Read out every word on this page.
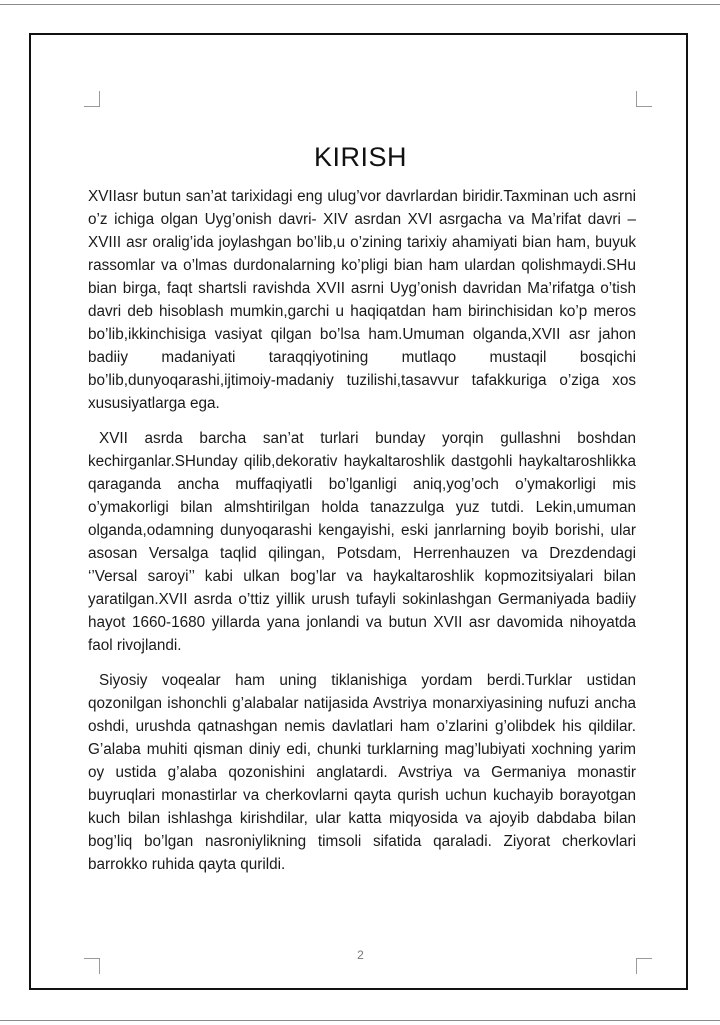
KIRISH

XVIIasr butun san’at tarixidagi eng ulug’vor davrlardan biridir.Taxminan uch asrni o’z ichiga olgan Uyg’onish davri- XIV asrdan XVI asrgacha va Ma’rifat davri – XVIII asr oralig’ida joylashgan bo’lib,u o’zining tarixiy ahamiyati bian ham, buyuk rassomlar va o’lmas durdonalarning ko’pligi bian ham ulardan qolishmaydi.SHu bian birga, faqt shartsli ravishda XVII asrni Uyg’onish davridan Ma’rifatga o’tish davri deb hisoblash mumkin,garchi u haqiqatdan ham birinchisidan ko’p meros bo’lib,ikkinchisiga vasiyat qilgan bo’lsa ham.Umuman olganda,XVII asr jahon badiiy madaniyati taraqqiyotining mutlaqo mustaqil bosqichi bo’lib,dunyoqarashi,ijtimoiy-madaniy tuzilishi,tasavvur tafakkuriga o’ziga xos xususiyatlarga ega.

XVII asrda barcha san’at turlari bunday yorqin gullashni boshdan kechirganlar.SHunday qilib,dekorativ haykaltaroshlik dastgohli haykaltaroshlikka qaraganda ancha muffaqiyatli bo’lganligi aniq,yog’och o’ymakorligi mis o’ymakorligi bilan almshtirilgan holda tanazzulga yuz tutdi. Lekin,umuman olganda,odamning dunyoqarashi kengayishi, eski janrlarning boyib borishi, ular asosan Versalga taqlid qilingan, Potsdam, Herrenhauzen va Drezdendagi ‘’Versal saroyi’’ kabi ulkan bog’lar va haykaltaroshlik kopmozitsiyalari bilan yaratilgan.XVII asrda o’ttiz yillik urush tufayli sokinlashgan Germaniyada badiiy hayot 1660-1680 yillarda yana jonlandi va butun XVII asr davomida nihoyatda faol rivojlandi.

Siyosiy voqealar ham uning tiklanishiga yordam berdi.Turklar ustidan qozonilgan ishonchli g’alabalar natijasida Avstriya monarxiyasining nufuzi ancha oshdi, urushda qatnashgan nemis davlatlari ham o’zlarini g’olibdek his qildilar. G’alaba muhiti qisman diniy edi, chunki turklarning mag’lubiyati xochning yarim oy ustida g’alaba qozonishini anglatardi. Avstriya va Germaniya monastir buyruqlari monastirlar va cherkovlarni qayta qurish uchun kuchayib borayotgan kuch bilan ishlashga kirishdilar, ular katta miqyosida va ajoyib dabdaba bilan bog’liq bo’lgan nasroniylikning timsoli sifatida qaraladi. Ziyorat cherkovlari barrokko ruhida qayta qurildi.

2
